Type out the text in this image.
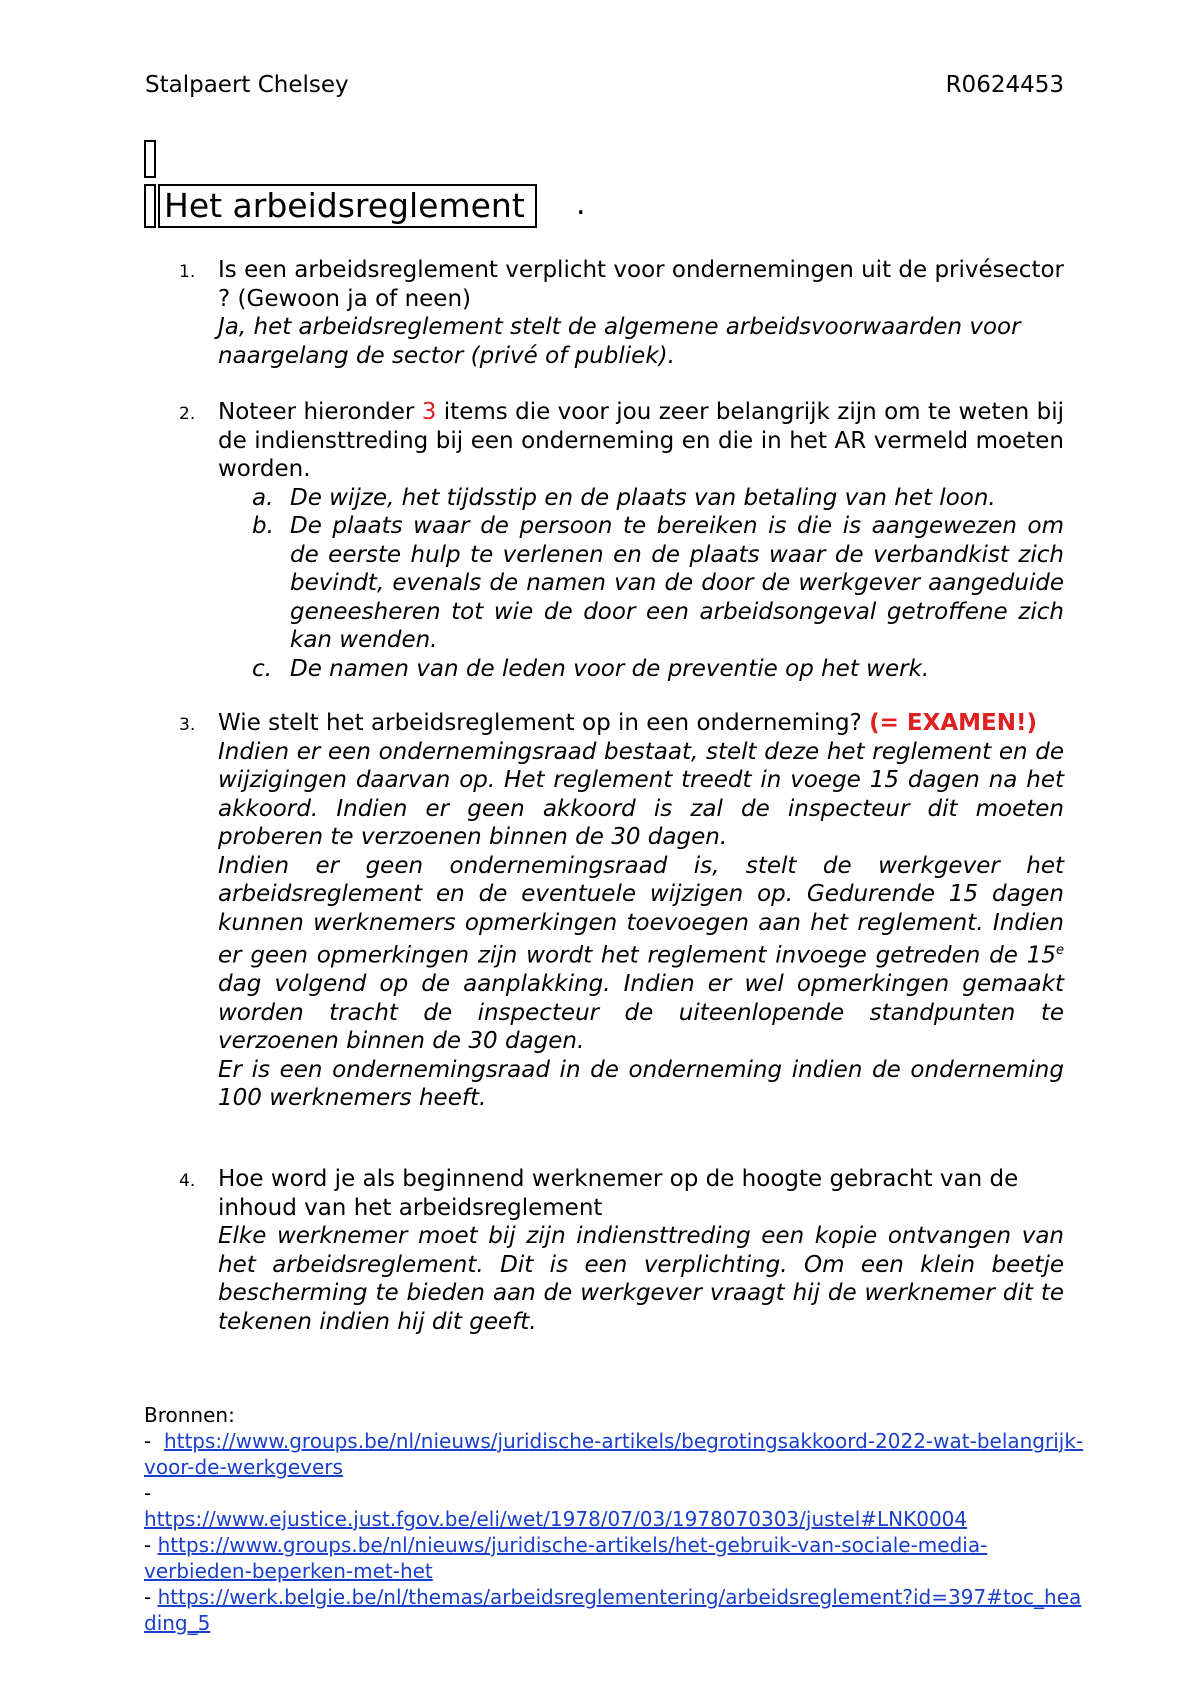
Stalpaert Chelsey	R0624453
Het arbeidsreglement	.
1. Is een arbeidsreglement verplicht voor ondernemingen uit de privésector ? (Gewoon ja of neen)
Ja, het arbeidsreglement stelt de algemene arbeidsvoorwaarden voor naargelang de sector (privé of publiek).
2. Noteer hieronder 3 items die voor jou zeer belangrijk zijn om te weten bij de indiensttreding bij een onderneming en die in het AR vermeld moeten worden.
a. De wijze, het tijdsstip en de plaats van betaling van het loon.
b. De plaats waar de persoon te bereiken is die is aangewezen om de eerste hulp te verlenen en de plaats waar de verbandkist zich bevindt, evenals de namen van de door de werkgever aangeduide geneesheren tot wie de door een arbeidsongeval getroffene zich kan wenden.
c. De namen van de leden voor de preventie op het werk.
3. Wie stelt het arbeidsreglement op in een onderneming? (= EXAMEN!)
Indien er een ondernemingsraad bestaat, stelt deze het reglement en de wijzigingen daarvan op. Het reglement treedt in voege 15 dagen na het akkoord. Indien er geen akkoord is zal de inspecteur dit moeten proberen te verzoenen binnen de 30 dagen.
Indien er geen ondernemingsraad is, stelt de werkgever het arbeidsreglement en de eventuele wijzigen op. Gedurende 15 dagen kunnen werknemers opmerkingen toevoegen aan het reglement. Indien er geen opmerkingen zijn wordt het reglement invoege getreden de 15e dag volgend op de aanplakking. Indien er wel opmerkingen gemaakt worden tracht de inspecteur de uiteenlopende standpunten te verzoenen binnen de 30 dagen.
Er is een ondernemingsraad in de onderneming indien de onderneming 100 werknemers heeft.
4. Hoe word je als beginnend werknemer op de hoogte gebracht van de inhoud van het arbeidsreglement
Elke werknemer moet bij zijn indiensttreding een kopie ontvangen van het arbeidsreglement. Dit is een verplichting. Om een klein beetje bescherming te bieden aan de werkgever vraagt hij de werknemer dit te tekenen indien hij dit geeft.
Bronnen:
- https://www.groups.be/nl/nieuws/juridische-artikels/begrotingsakkoord-2022-wat-belangrijk-voor-de-werkgevers
-
https://www.ejustice.just.fgov.be/eli/wet/1978/07/03/1978070303/justel#LNK0004
- https://www.groups.be/nl/nieuws/juridische-artikels/het-gebruik-van-sociale-media-verbieden-beperken-met-het
- https://werk.belgie.be/nl/themas/arbeidsreglementering/arbeidsreglement?id=397#toc_heading_5
